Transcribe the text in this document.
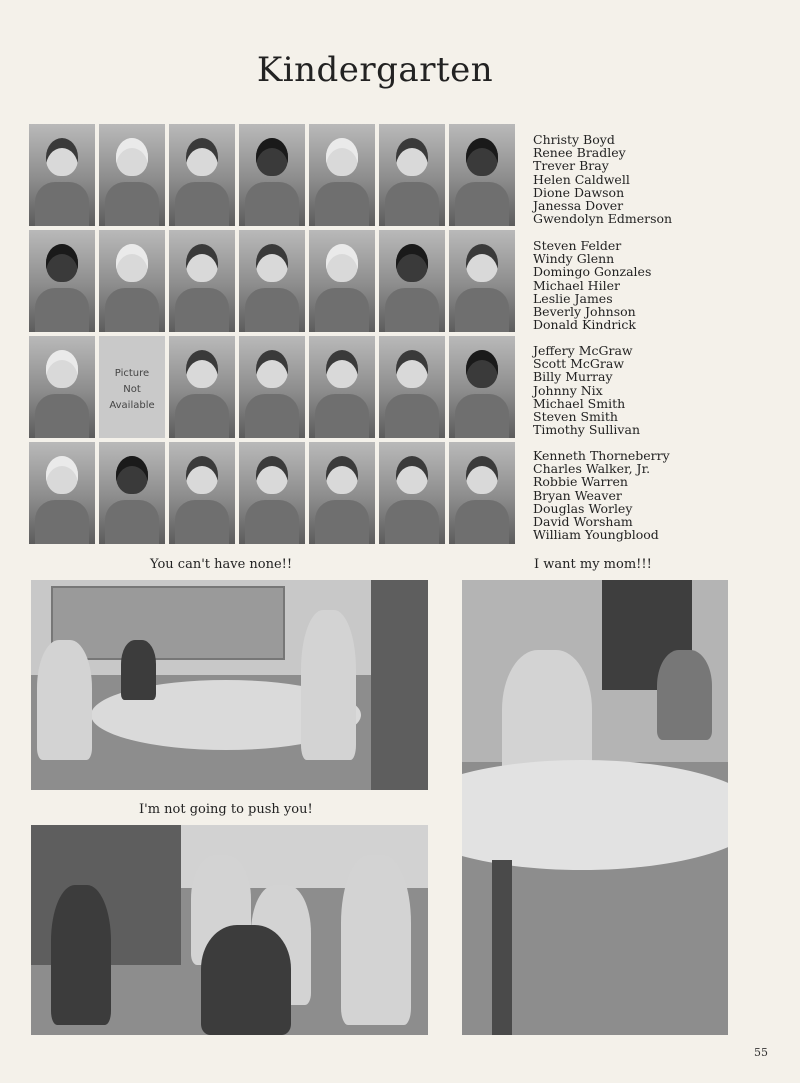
Kindergarten
Picture
Not
Available
Christy Boyd
Renee Bradley
Trever Bray
Helen Caldwell
Dione Dawson
Janessa Dover
Gwendolyn Edmerson
Steven Felder
Windy Glenn
Domingo Gonzales
Michael Hiler
Leslie James
Beverly Johnson
Donald Kindrick
Jeffery McGraw
Scott McGraw
Billy Murray
Johnny Nix
Michael Smith
Steven Smith
Timothy Sullivan
Kenneth Thorneberry
Charles Walker, Jr.
Robbie Warren
Bryan Weaver
Douglas Worley
David Worsham
William Youngblood
You can't have none!!	I want my mom!!!
I'm not going to push you!
55
